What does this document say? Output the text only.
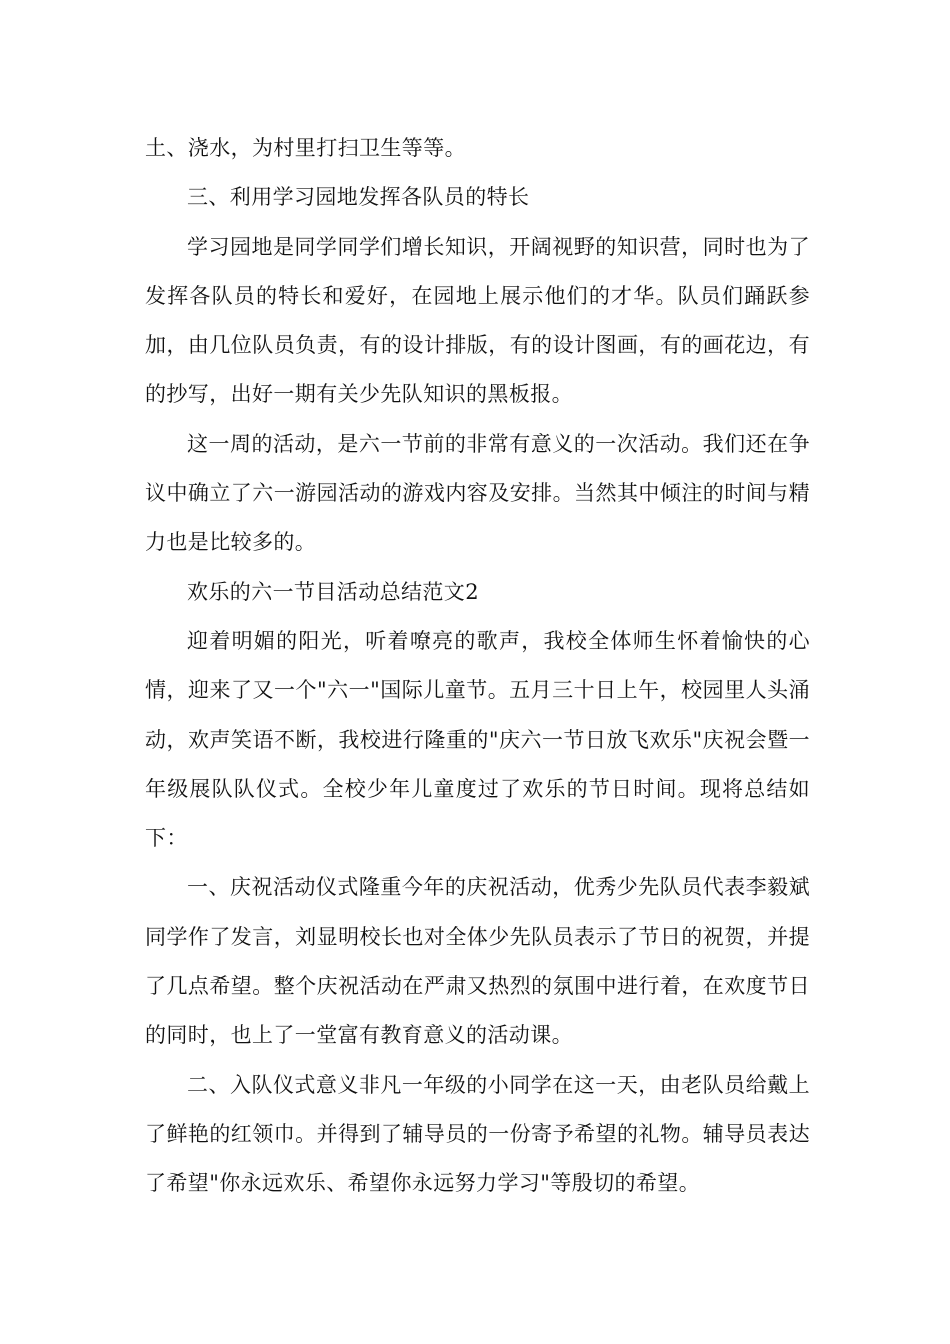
土、浇水，为村里打扫卫生等等。

三、利用学习园地发挥各队员的特长

学习园地是同学同学们增长知识，开阔视野的知识营，同时也为了发挥各队员的特长和爱好，在园地上展示他们的才华。队员们踊跃参加，由几位队员负责，有的设计排版，有的设计图画，有的画花边，有的抄写，出好一期有关少先队知识的黑板报。

这一周的活动，是六一节前的非常有意义的一次活动。我们还在争议中确立了六一游园活动的游戏内容及安排。当然其中倾注的时间与精力也是比较多的。

欢乐的六一节目活动总结范文2

迎着明媚的阳光，听着嘹亮的歌声，我校全体师生怀着愉快的心情，迎来了又一个"六一"国际儿童节。五月三十日上午，校园里人头涌动，欢声笑语不断，我校进行隆重的"庆六一节日放飞欢乐"庆祝会暨一年级展队队仪式。全校少年儿童度过了欢乐的节日时间。现将总结如下：

一、庆祝活动仪式隆重今年的庆祝活动，优秀少先队员代表李毅斌同学作了发言，刘显明校长也对全体少先队员表示了节日的祝贺，并提了几点希望。整个庆祝活动在严肃又热烈的氛围中进行着，在欢度节日的同时，也上了一堂富有教育意义的活动课。

二、入队仪式意义非凡一年级的小同学在这一天，由老队员给戴上了鲜艳的红领巾。并得到了辅导员的一份寄予希望的礼物。辅导员表达了希望"你永远欢乐、希望你永远努力学习"等殷切的希望。
